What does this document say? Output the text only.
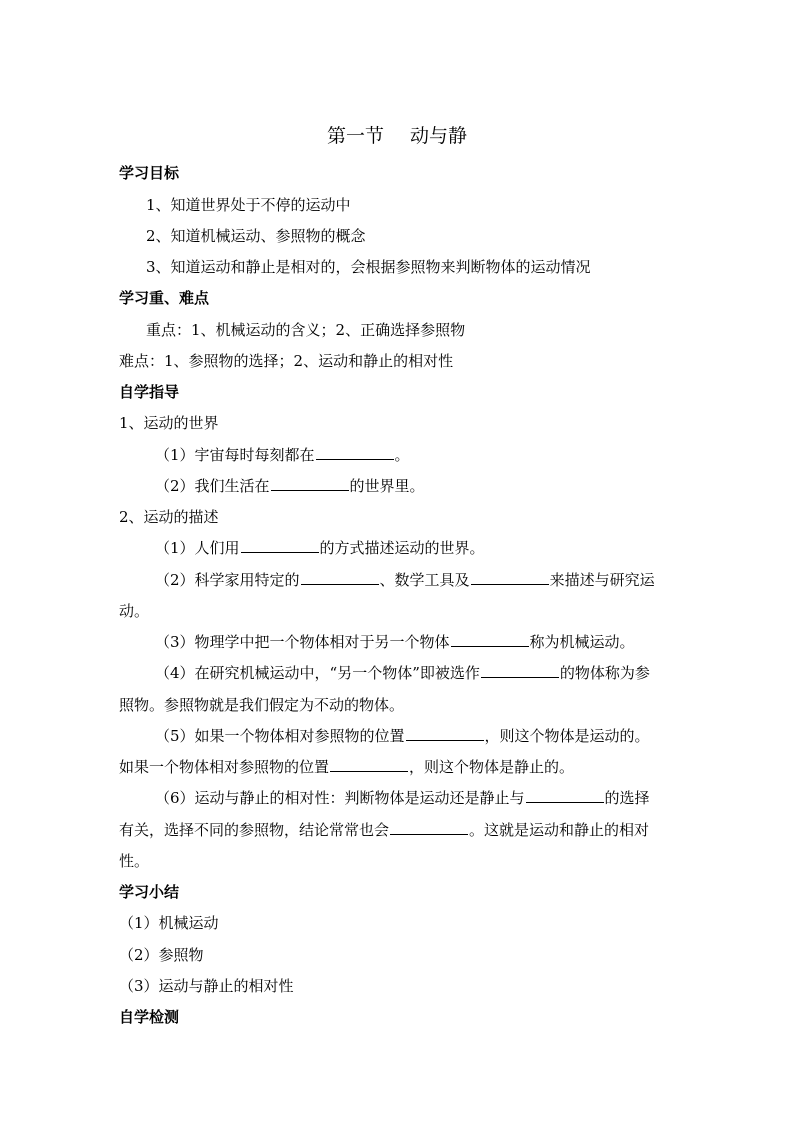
第一节 动与静
学习目标
1、知道世界处于不停的运动中
2、知道机械运动、参照物的概念
3、知道运动和静止是相对的，会根据参照物来判断物体的运动情况
学习重、难点
重点：1、机械运动的含义；2、正确选择参照物
难点：1、参照物的选择；2、运动和静止的相对性
自学指导
1、运动的世界
（1）宇宙每时每刻都在	。
（2）我们生活在	的世界里。
2、运动的描述
（1）人们用	的方式描述运动的世界。
（2）科学家用特定的	、数学工具及	来描述与研究运
动。
（3）物理学中把一个物体相对于另一个物体	称为机械运动。
（4）在研究机械运动中，“另一个物体”即被选作	的物体称为参
照物。参照物就是我们假定为不动的物体。
（5）如果一个物体相对参照物的位置	，则这个物体是运动的。
如果一个物体相对参照物的位置	，则这个物体是静止的。
（6）运动与静止的相对性：判断物体是运动还是静止与	的选择
有关，选择不同的参照物，结论常常也会	。这就是运动和静止的相对
性。
学习小结
（1）机械运动
（2）参照物
（3）运动与静止的相对性
自学检测
